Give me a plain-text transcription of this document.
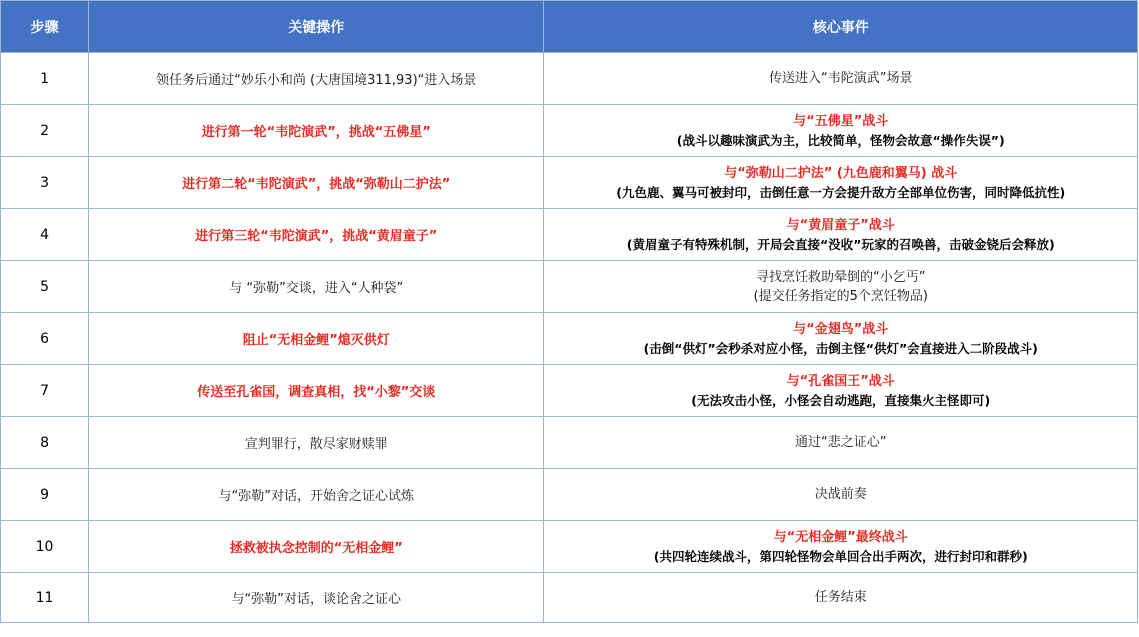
步骤	关键操作	核心事件
1	领任务后通过“妙乐小和尚 (大唐国境311,93)“进入场景	传送进入“韦陀演武”场景

2	进行第一轮“韦陀演武”，挑战“五佛星”	与“五佛星”战斗
(战斗以趣味演武为主，比较简单，怪物会故意“操作失误”)

3	进行第二轮“韦陀演武”，挑战“弥勒山二护法”	与“弥勒山二护法” (九色鹿和翼马) 战斗
(九色鹿、翼马可被封印，击倒任意一方会提升敌方全部单位伤害，同时降低抗性)

4	进行第三轮“韦陀演武”，挑战“黄眉童子”	与“黄眉童子”战斗
(黄眉童子有特殊机制，开局会直接“没收”玩家的召唤兽，击破金铙后会释放)

5	与 “弥勒”交谈，进入“人种袋”	寻找烹饪救助晕倒的“小乞丐”
(提交任务指定的5个烹饪物品)

6	阻止“无相金鲤”熄灭供灯	与“金翅鸟”战斗
(击倒“供灯”会秒杀对应小怪，击倒主怪“供灯”会直接进入二阶段战斗)

7	传送至孔雀国，调查真相，找“小黎”交谈	与“孔雀国王”战斗
(无法攻击小怪，小怪会自动逃跑，直接集火主怪即可)

8	宣判罪行，散尽家财赎罪	通过“悲之证心”

9	与“弥勒”对话，开始舍之证心试炼	决战前奏

10	拯救被执念控制的“无相金鲤”	与“无相金鲤”最终战斗
(共四轮连续战斗，第四轮怪物会单回合出手两次，进行封印和群秒)

11	与“弥勒”对话，谈论舍之证心	任务结束
